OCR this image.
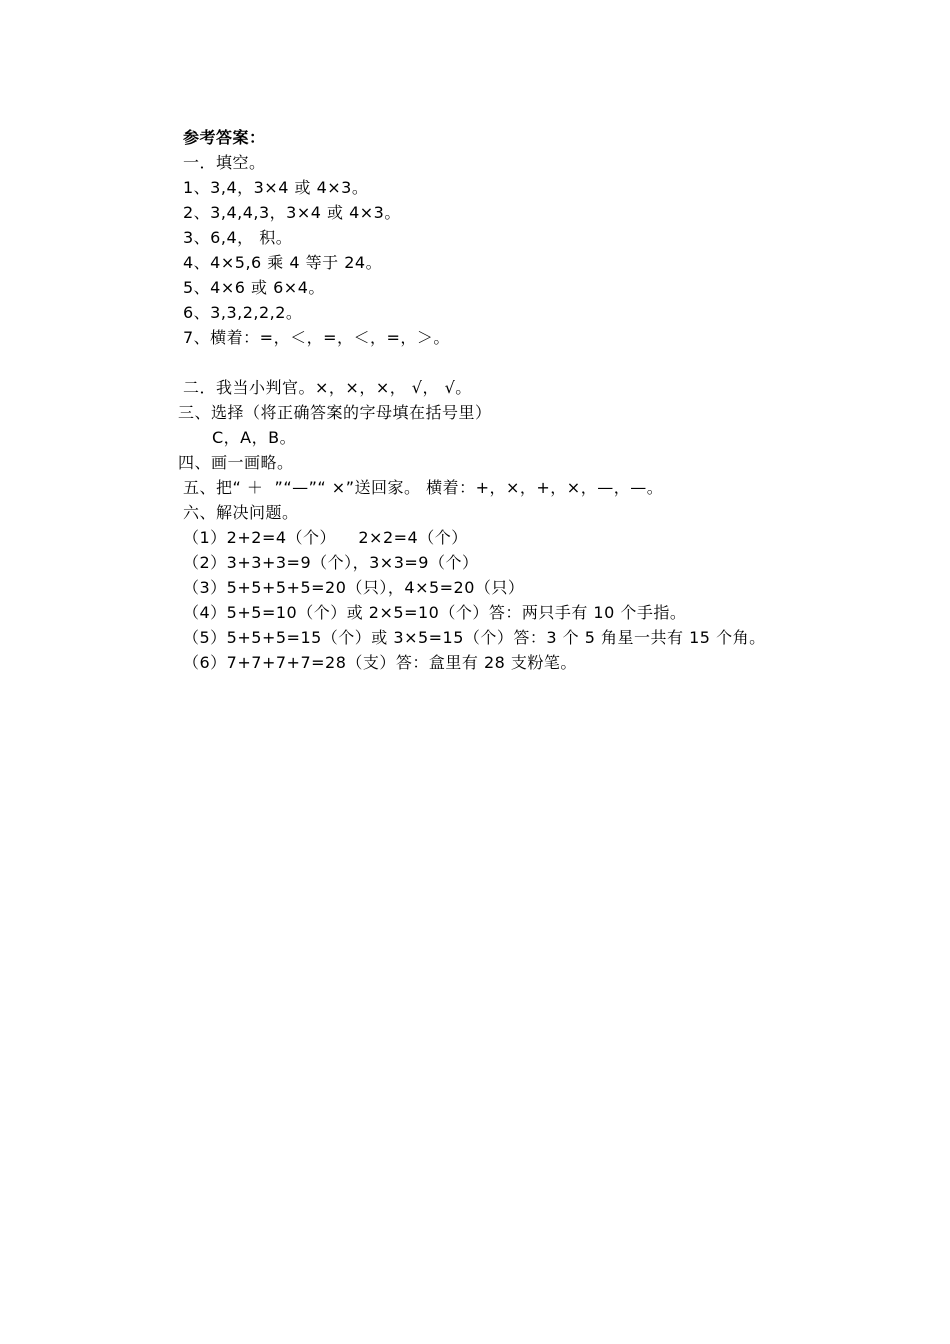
参考答案：
一．填空。
1、3,4，3×4 或 4×3。
2、3,4,4,3，3×4 或 4×3。
3、6,4， 积。
4、4×5,6 乘 4 等于 24。
5、4×6 或 6×4。
6、3,3,2,2,2。
7、横着：=，＜，=，＜，=，＞。
二．我当小判官。×，×，×， √， √。
三、选择（将正确答案的字母填在括号里）
C，A，B。
四、画一画略。
五、把“ ＋  ”“—”“ ×”送回家。 横着：+，×，+，×，—，—。
六、解决问题。
（1）2+2=4（个）    2×2=4（个）
（2）3+3+3=9（个），3×3=9（个）
（3）5+5+5+5=20（只），4×5=20（只）
（4）5+5=10（个）或 2×5=10（个）答：两只手有 10 个手指。
（5）5+5+5=15（个）或 3×5=15（个）答：3 个 5 角星一共有 15 个角。
（6）7+7+7+7=28（支）答：盒里有 28 支粉笔。
